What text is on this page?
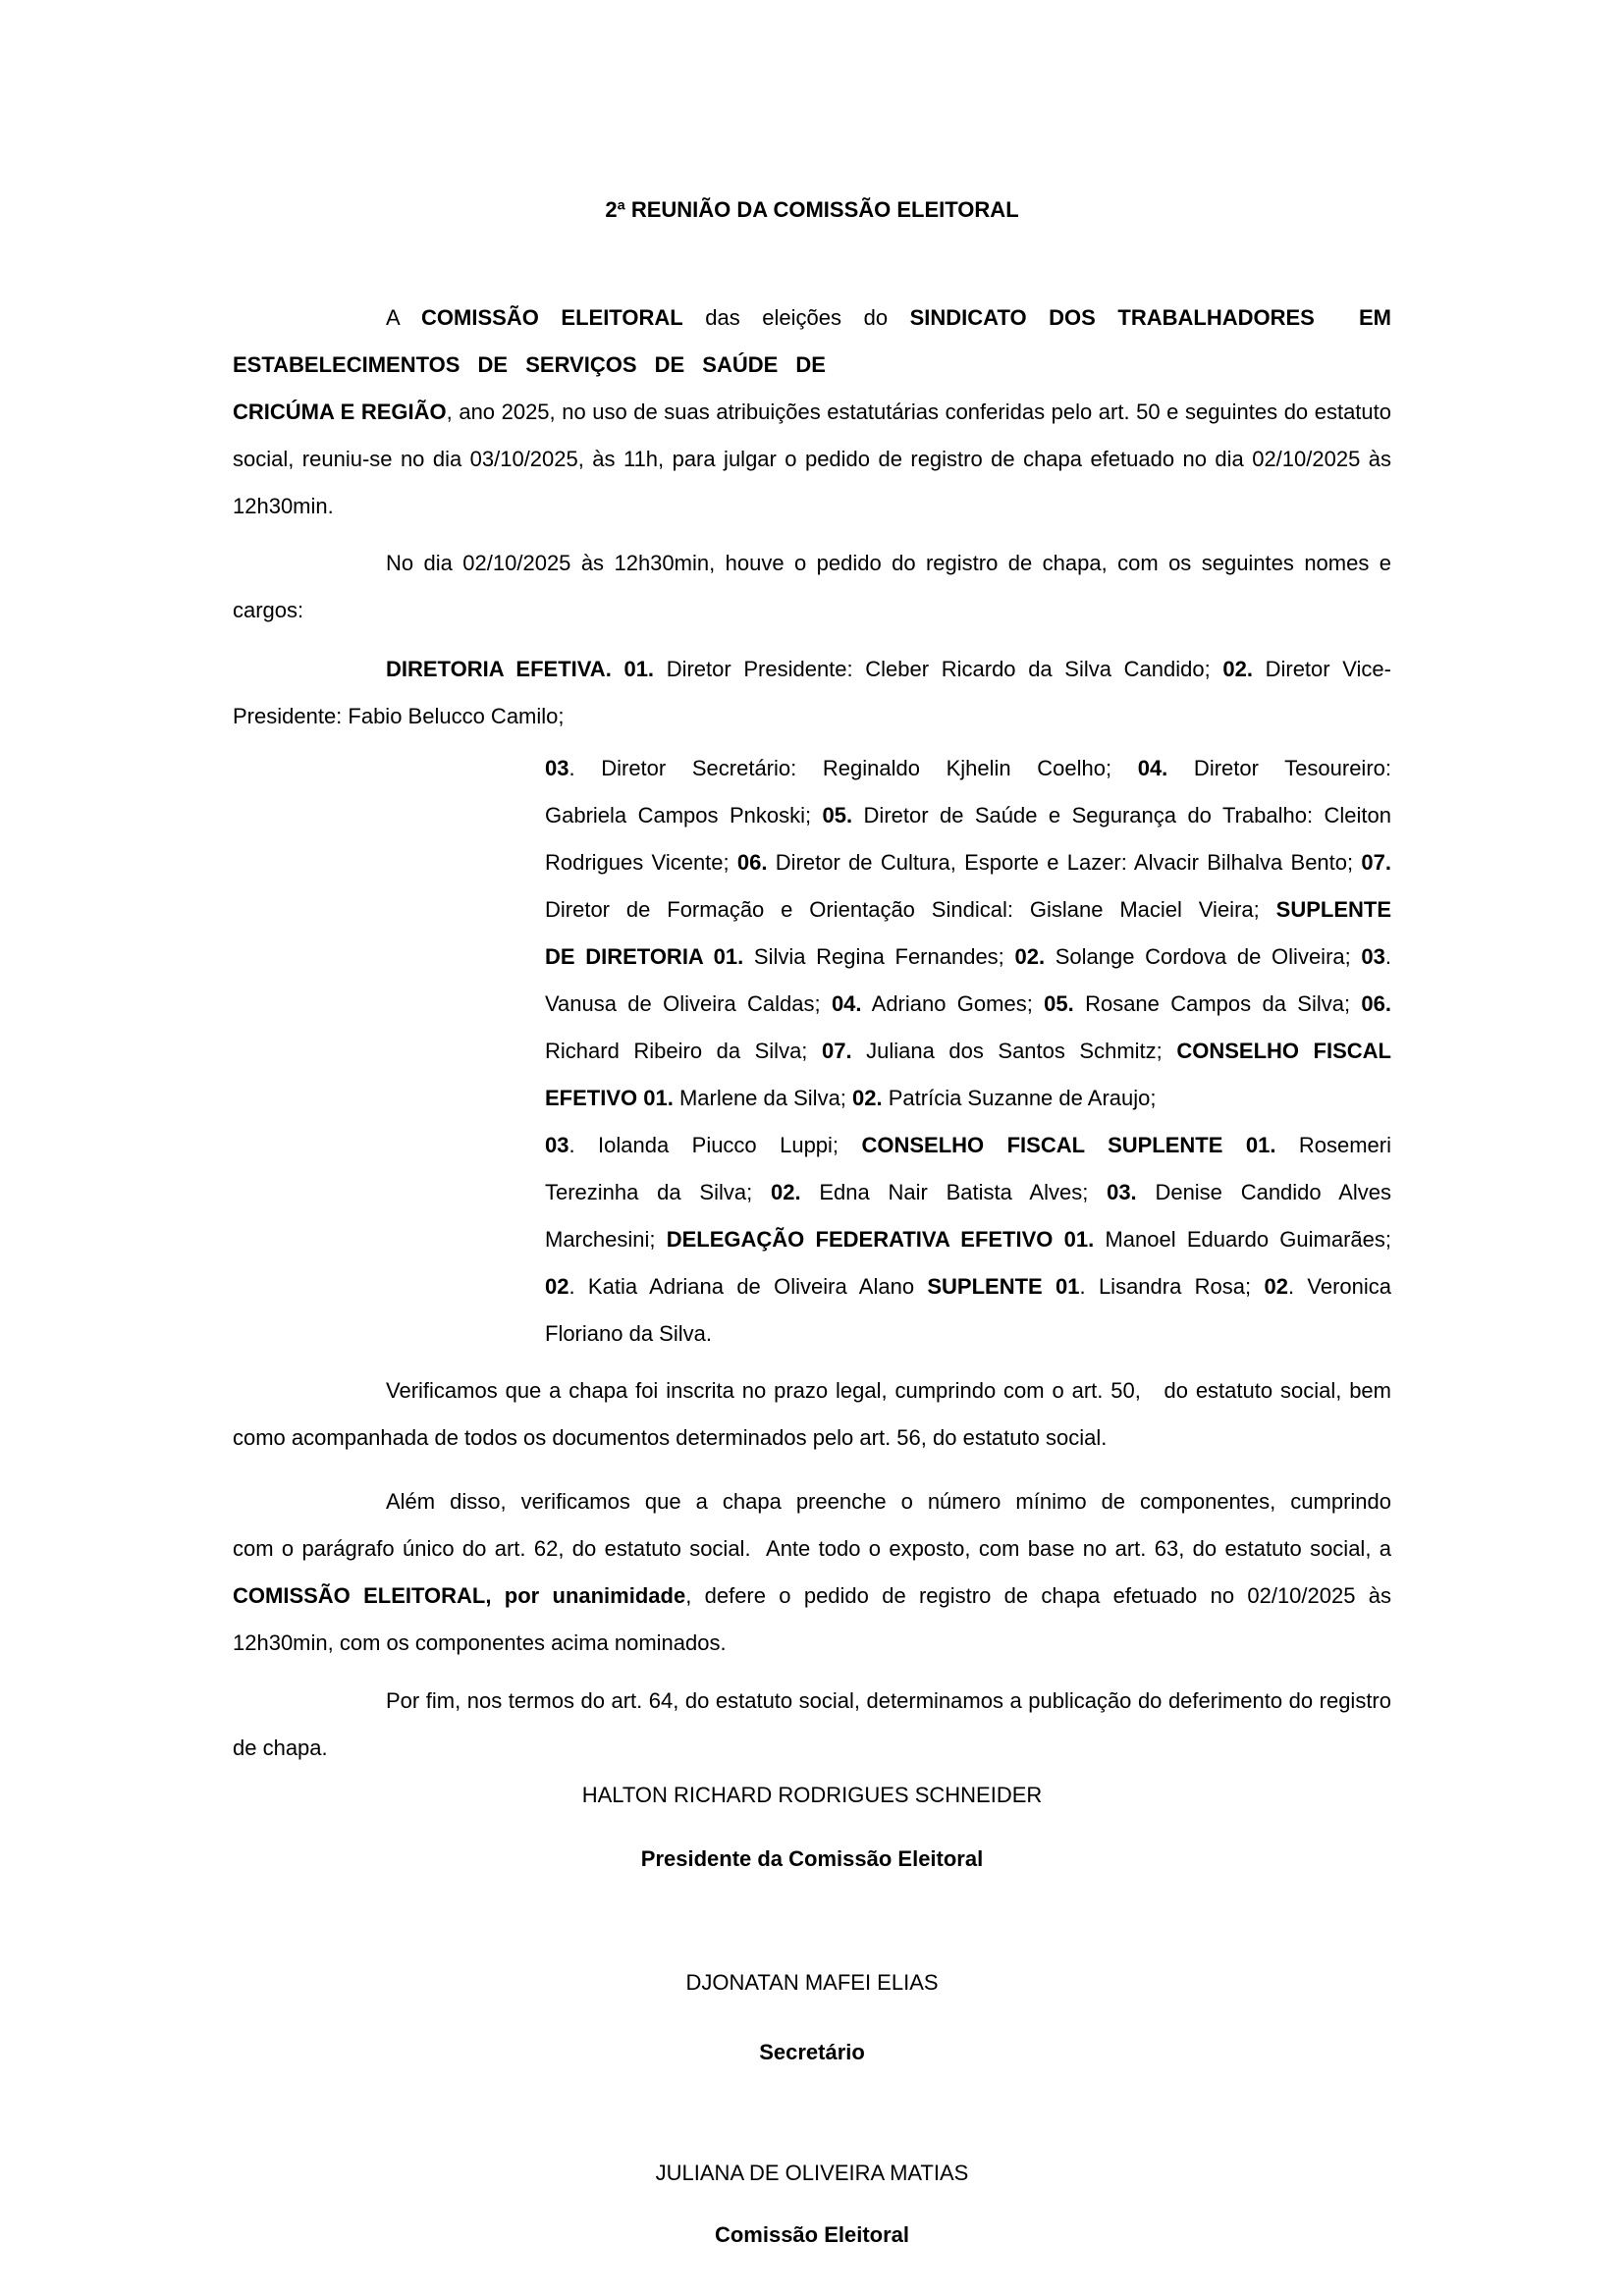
2ª REUNIÃO DA COMISSÃO ELEITORAL
A COMISSÃO ELEITORAL das eleições do SINDICATO DOS TRABALHADORES  EM
ESTABELECIMENTOS DE SERVIÇOS DE SAÚDE DE
CRICÚMA E REGIÃO, ano 2025, no uso de suas atribuições estatutárias conferidas pelo art. 50 e seguintes do estatuto
social, reuniu-se no dia 03/10/2025, às 11h, para julgar o pedido de registro de chapa efetuado no dia 02/10/2025 às
12h30min.
No dia 02/10/2025 às 12h30min, houve o pedido do registro de chapa, com os seguintes nomes e
cargos:
DIRETORIA EFETIVA. 01. Diretor Presidente: Cleber Ricardo da Silva Candido; 02. Diretor Vice-
Presidente: Fabio Belucco Camilo;
03. Diretor Secretário: Reginaldo Kjhelin Coelho; 04. Diretor Tesoureiro:
Gabriela Campos Pnkoski; 05. Diretor de Saúde e Segurança do Trabalho: Cleiton
Rodrigues Vicente; 06. Diretor de Cultura, Esporte e Lazer: Alvacir Bilhalva Bento; 07.
Diretor de Formação e Orientação Sindical: Gislane Maciel Vieira; SUPLENTE
DE DIRETORIA 01. Silvia Regina Fernandes; 02. Solange Cordova de Oliveira; 03.
Vanusa de Oliveira Caldas; 04. Adriano Gomes; 05. Rosane Campos da Silva; 06.
Richard Ribeiro da Silva; 07. Juliana dos Santos Schmitz; CONSELHO FISCAL
EFETIVO 01. Marlene da Silva; 02. Patrícia Suzanne de Araujo;
03. Iolanda Piucco Luppi; CONSELHO FISCAL SUPLENTE 01. Rosemeri
Terezinha da Silva; 02. Edna Nair Batista Alves; 03. Denise Candido Alves
Marchesini; DELEGAÇÃO FEDERATIVA EFETIVO 01. Manoel Eduardo Guimarães;
02. Katia Adriana de Oliveira Alano SUPLENTE 01. Lisandra Rosa; 02. Veronica
Floriano da Silva.
Verificamos que a chapa foi inscrita no prazo legal, cumprindo com o art. 50,   do estatuto social, bem
como acompanhada de todos os documentos determinados pelo art. 56, do estatuto social.
Além disso, verificamos que a chapa preenche o número mínimo de componentes, cumprindo
com o parágrafo único do art. 62, do estatuto social.  Ante todo o exposto, com base no art. 63, do estatuto social, a
COMISSÃO ELEITORAL, por unanimidade, defere o pedido de registro de chapa efetuado no 02/10/2025 às
12h30min, com os componentes acima nominados.
Por fim, nos termos do art. 64, do estatuto social, determinamos a publicação do deferimento do registro
de chapa.
HALTON RICHARD RODRIGUES SCHNEIDER
Presidente da Comissão Eleitoral
DJONATAN MAFEI ELIAS
Secretário
JULIANA DE OLIVEIRA MATIAS
Comissão Eleitoral
